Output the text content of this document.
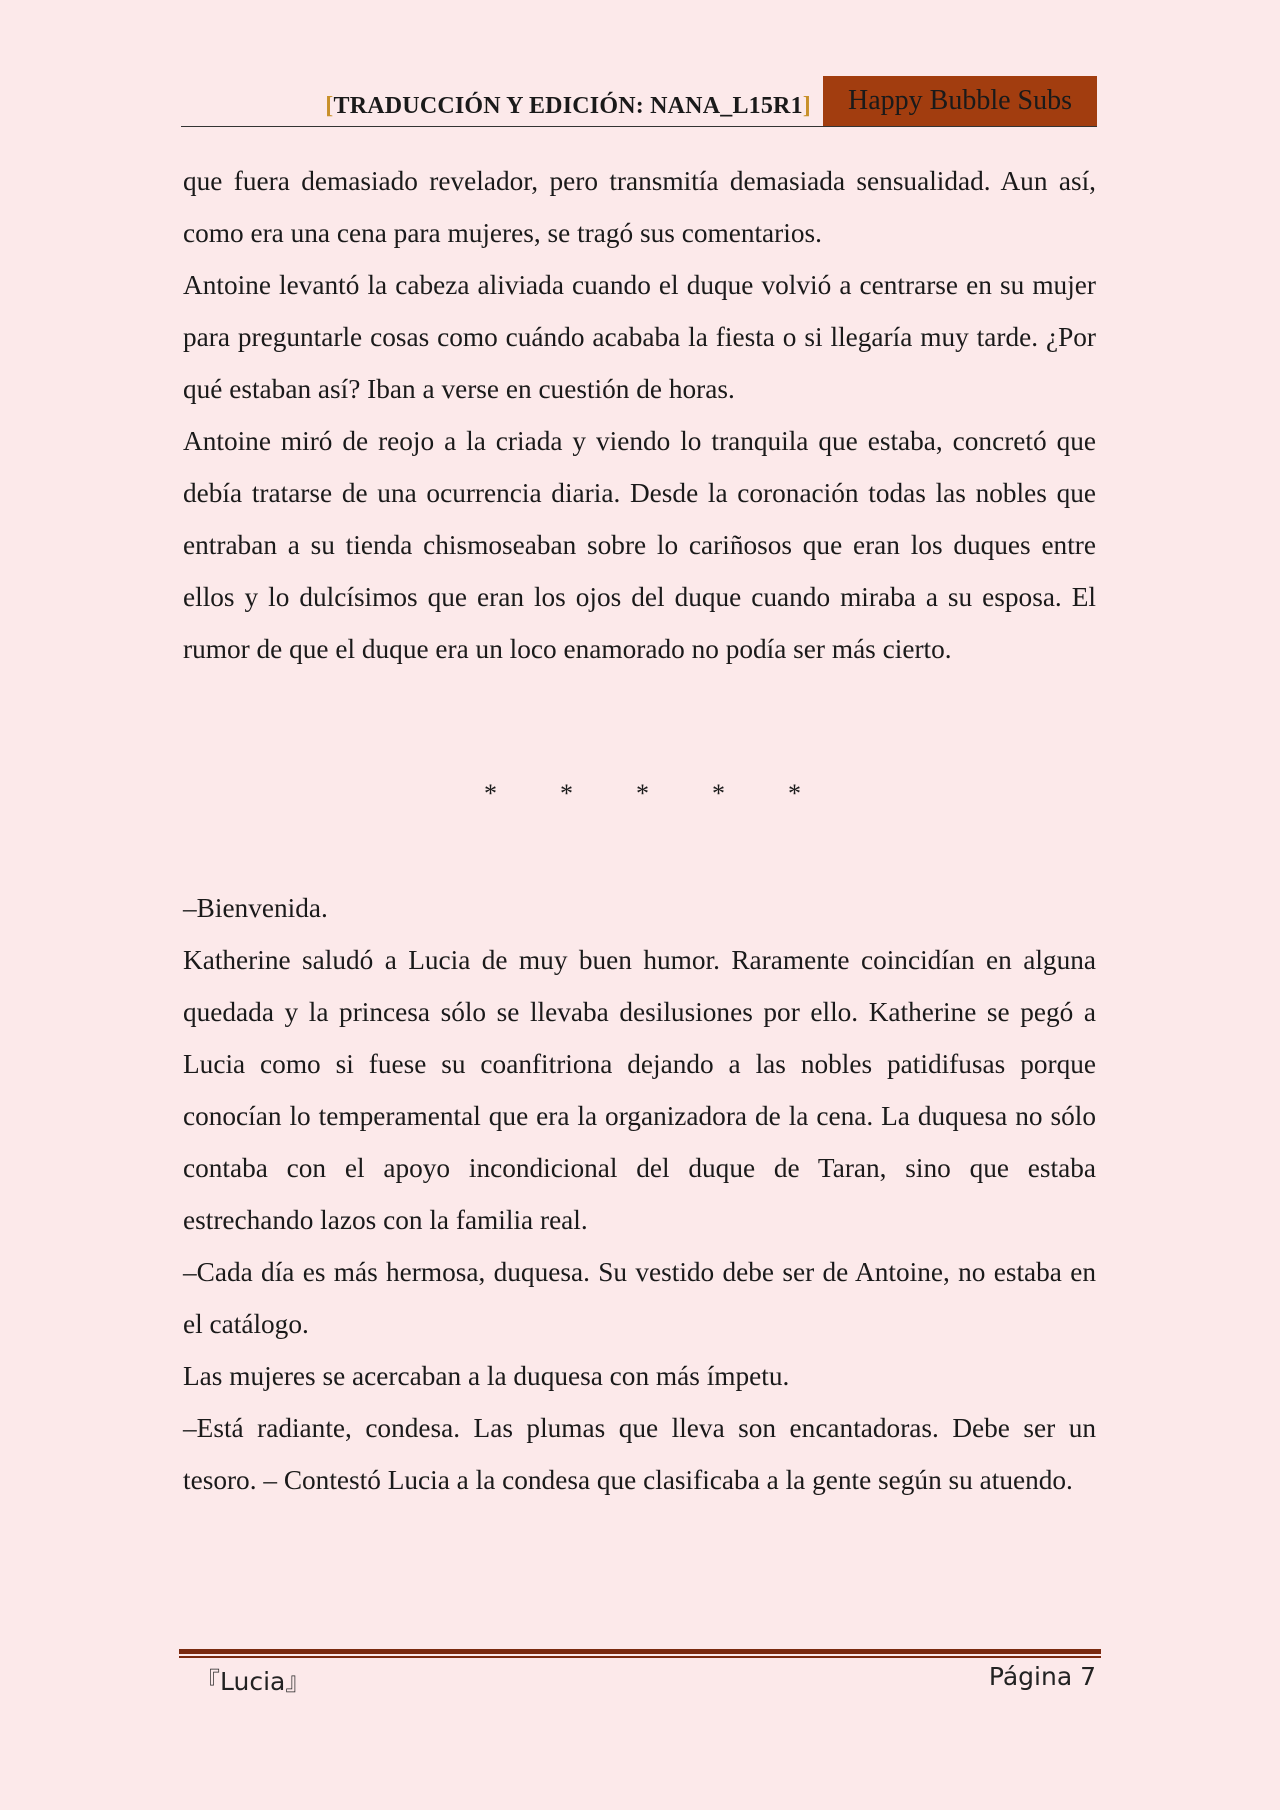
[TRADUCCIÓN Y EDICIÓN: NANA_L15R1]	Happy Bubble Subs

que fuera demasiado revelador, pero transmitía demasiada sensualidad. Aun así, como era una cena para mujeres, se tragó sus comentarios.

Antoine levantó la cabeza aliviada cuando el duque volvió a centrarse en su mujer para preguntarle cosas como cuándo acababa la fiesta o si llegaría muy tarde. ¿Por qué estaban así? Iban a verse en cuestión de horas.

Antoine miró de reojo a la criada y viendo lo tranquila que estaba, concretó que debía tratarse de una ocurrencia diaria. Desde la coronación todas las nobles que entraban a su tienda chismoseaban sobre lo cariñosos que eran los duques entre ellos y lo dulcísimos que eran los ojos del duque cuando miraba a su esposa. El rumor de que el duque era un loco enamorado no podía ser más cierto.

* * * * *

–Bienvenida.

Katherine saludó a Lucia de muy buen humor. Raramente coincidían en alguna quedada y la princesa sólo se llevaba desilusiones por ello. Katherine se pegó a Lucia como si fuese su coanfitriona dejando a las nobles patidifusas porque conocían lo temperamental que era la organizadora de la cena. La duquesa no sólo contaba con el apoyo incondicional del duque de Taran, sino que estaba estrechando lazos con la familia real.

–Cada día es más hermosa, duquesa. Su vestido debe ser de Antoine, no estaba en el catálogo.

Las mujeres se acercaban a la duquesa con más ímpetu.

–Está radiante, condesa. Las plumas que lleva son encantadoras. Debe ser un tesoro. – Contestó Lucia a la condesa que clasificaba a la gente según su atuendo.

『Lucia』	Página 7
